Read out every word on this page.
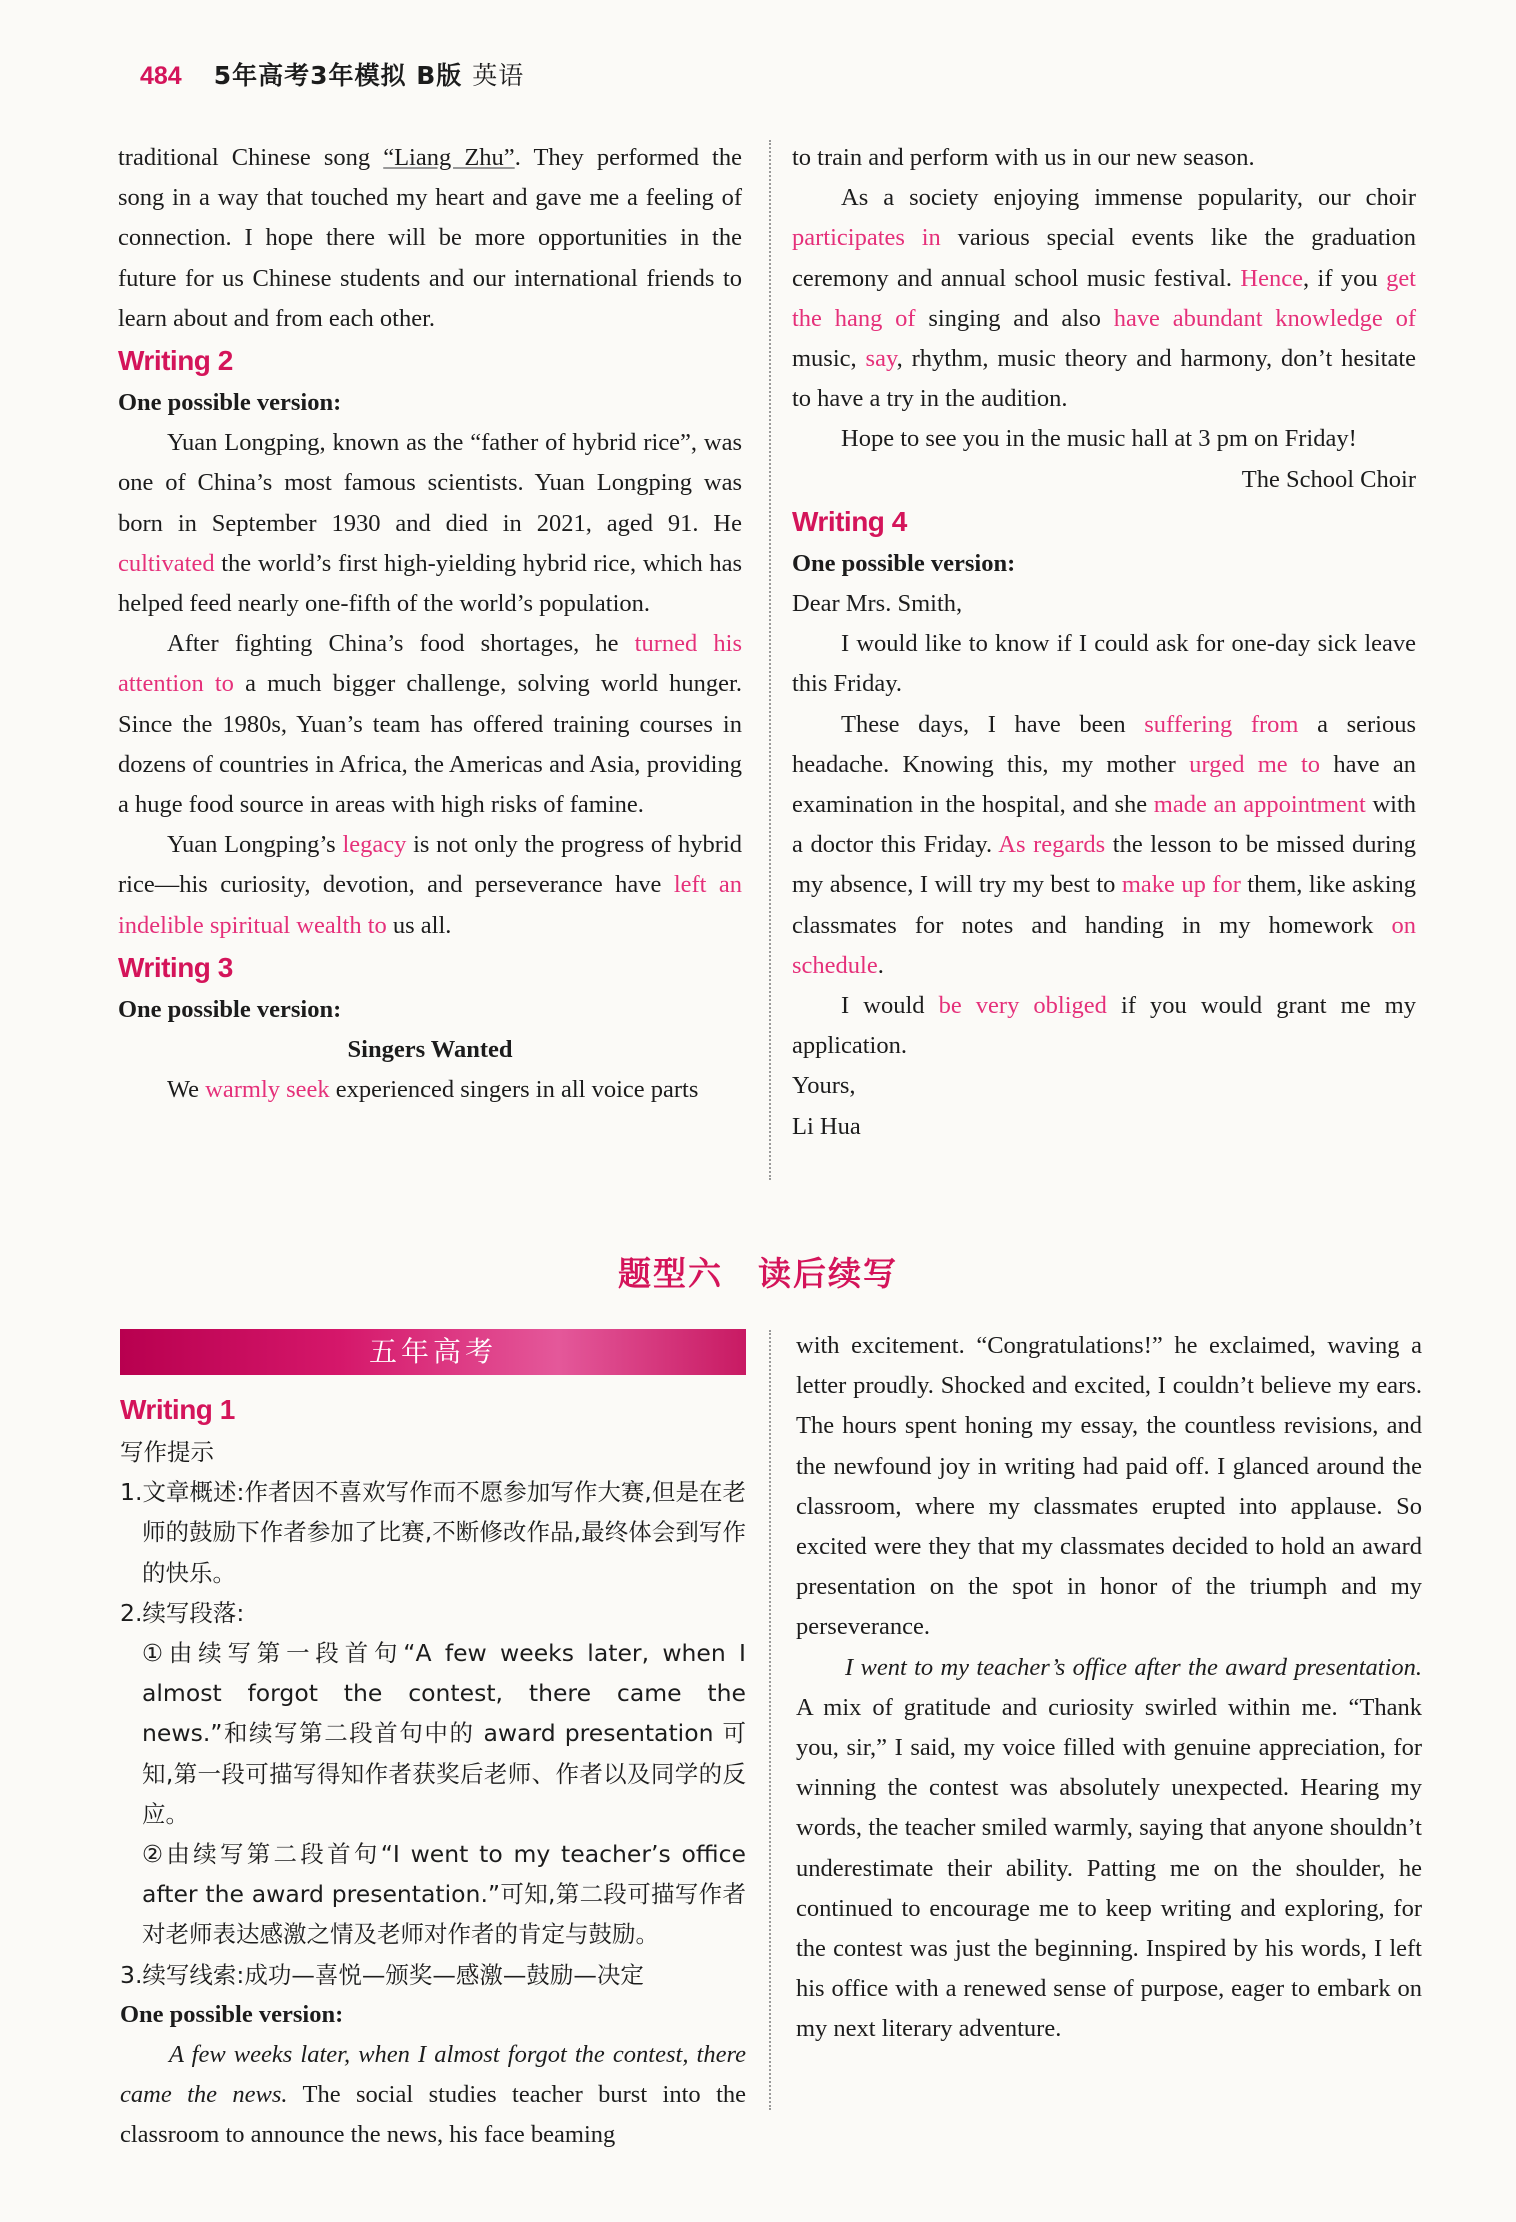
484 5年高考3年模拟 B版 英语

traditional Chinese song “Liang Zhu”. They performed the song in a way that touched my heart and gave me a feeling of connection. I hope there will be more opportunities in the future for us Chinese students and our international friends to learn about and from each other.

Writing 2

One possible version:

Yuan Longping, known as the “father of hybrid rice”, was one of China’s most famous scientists. Yuan Longping was born in September 1930 and died in 2021, aged 91. He cultivated the world’s first high-yielding hybrid rice, which has helped feed nearly one-fifth of the world’s population.

After fighting China’s food shortages, he turned his attention to a much bigger challenge, solving world hunger. Since the 1980s, Yuan’s team has offered training courses in dozens of countries in Africa, the Americas and Asia, providing a huge food source in areas with high risks of famine.

Yuan Longping’s legacy is not only the progress of hybrid rice—his curiosity, devotion, and perseverance have left an indelible spiritual wealth to us all.

Writing 3

One possible version:

Singers Wanted

We warmly seek experienced singers in all voice parts

to train and perform with us in our new season.

As a society enjoying immense popularity, our choir participates in various special events like the graduation ceremony and annual school music festival. Hence, if you get the hang of singing and also have abundant knowledge of music, say, rhythm, music theory and harmony, don’t hesitate to have a try in the audition.

Hope to see you in the music hall at 3 pm on Friday!

The School Choir

Writing 4

One possible version:

Dear Mrs. Smith,

I would like to know if I could ask for one-day sick leave this Friday.

These days, I have been suffering from a serious headache. Knowing this, my mother urged me to have an examination in the hospital, and she made an appointment with a doctor this Friday. As regards the lesson to be missed during my absence, I will try my best to make up for them, like asking classmates for notes and handing in my homework on schedule.

I would be very obliged if you would grant me my application.

Yours,

Li Hua

题型六　读后续写
五年高考
Writing 1

写作提示

1.文章概述:作者因不喜欢写作而不愿参加写作大赛,但是在老师的鼓励下作者参加了比赛,不断修改作品,最终体会到写作的快乐。

2.续写段落:

①由续写第一段首句“A few weeks later, when I almost forgot the contest, there came the news.”和续写第二段首句中的 award presentation 可知,第一段可描写得知作者获奖后老师、作者以及同学的反应。

②由续写第二段首句“I went to my teacher’s office after the award presentation.”可知,第二段可描写作者对老师表达感激之情及老师对作者的肯定与鼓励。

3.续写线索:成功—喜悦—颁奖—感激—鼓励—决定

One possible version:

A few weeks later, when I almost forgot the contest, there came the news. The social studies teacher burst into the classroom to announce the news, his face beaming

with excitement. “Congratulations!” he exclaimed, waving a letter proudly. Shocked and excited, I couldn’t believe my ears. The hours spent honing my essay, the countless revisions, and the newfound joy in writing had paid off. I glanced around the classroom, where my classmates erupted into applause. So excited were they that my classmates decided to hold an award presentation on the spot in honor of the triumph and my perseverance.

I went to my teacher’s office after the award presentation. A mix of gratitude and curiosity swirled within me. “Thank you, sir,” I said, my voice filled with genuine appreciation, for winning the contest was absolutely unexpected. Hearing my words, the teacher smiled warmly, saying that anyone shouldn’t underestimate their ability. Patting me on the shoulder, he continued to encourage me to keep writing and exploring, for the contest was just the beginning. Inspired by his words, I left his office with a renewed sense of purpose, eager to embark on my next literary adventure.
